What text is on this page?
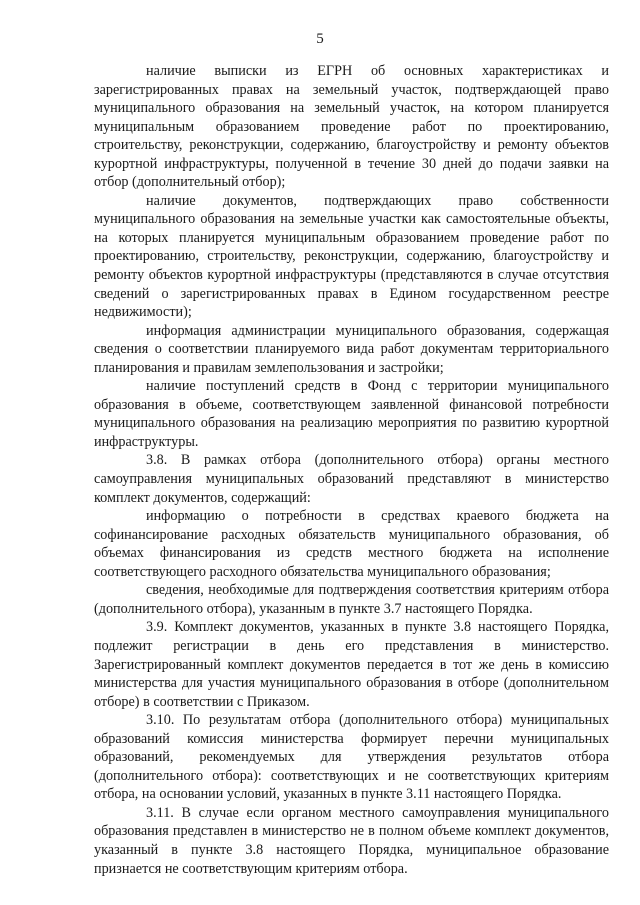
5

наличие выписки из ЕГРН об основных характеристиках и зарегистрированных правах на земельный участок, подтверждающей право муниципального образования на земельный участок, на котором планируется муниципальным образованием проведение работ по проектированию, строительству, реконструкции, содержанию, благоустройству и ремонту объектов курортной инфраструктуры, полученной в течение 30 дней до подачи заявки на отбор (дополнительный отбор);

наличие документов, подтверждающих право собственности муниципального образования на земельные участки как самостоятельные объекты, на которых планируется муниципальным образованием проведение работ по проектированию, строительству, реконструкции, содержанию, благоустройству и ремонту объектов курортной инфраструктуры (представляются в случае отсутствия сведений о зарегистрированных правах в Едином государственном реестре недвижимости);

информация администрации муниципального образования, содержащая сведения о соответствии планируемого вида работ документам территориального планирования и правилам землепользования и застройки;

наличие поступлений средств в Фонд с территории муниципального образования в объеме, соответствующем заявленной финансовой потребности муниципального образования на реализацию мероприятия по развитию курортной инфраструктуры.

3.8. В рамках отбора (дополнительного отбора) органы местного самоуправления муниципальных образований представляют в министерство комплект документов, содержащий:

информацию о потребности в средствах краевого бюджета на софинансирование расходных обязательств муниципального образования, об объемах финансирования из средств местного бюджета на исполнение соответствующего расходного обязательства муниципального образования;

сведения, необходимые для подтверждения соответствия критериям отбора (дополнительного отбора), указанным в пункте 3.7 настоящего Порядка.

3.9. Комплект документов, указанных в пункте 3.8 настоящего Порядка, подлежит регистрации в день его представления в министерство. Зарегистрированный комплект документов передается в тот же день в комиссию министерства для участия муниципального образования в отборе (дополнительном отборе) в соответствии с Приказом.

3.10. По результатам отбора (дополнительного отбора) муниципальных образований комиссия министерства формирует перечни муниципальных образований, рекомендуемых для утверждения результатов отбора (дополнительного отбора): соответствующих и не соответствующих критериям отбора, на основании условий, указанных в пункте 3.11 настоящего Порядка.

3.11. В случае если органом местного самоуправления муниципального образования представлен в министерство не в полном объеме комплект документов, указанный в пункте 3.8 настоящего Порядка, муниципальное образование признается не соответствующим критериям отбора.
